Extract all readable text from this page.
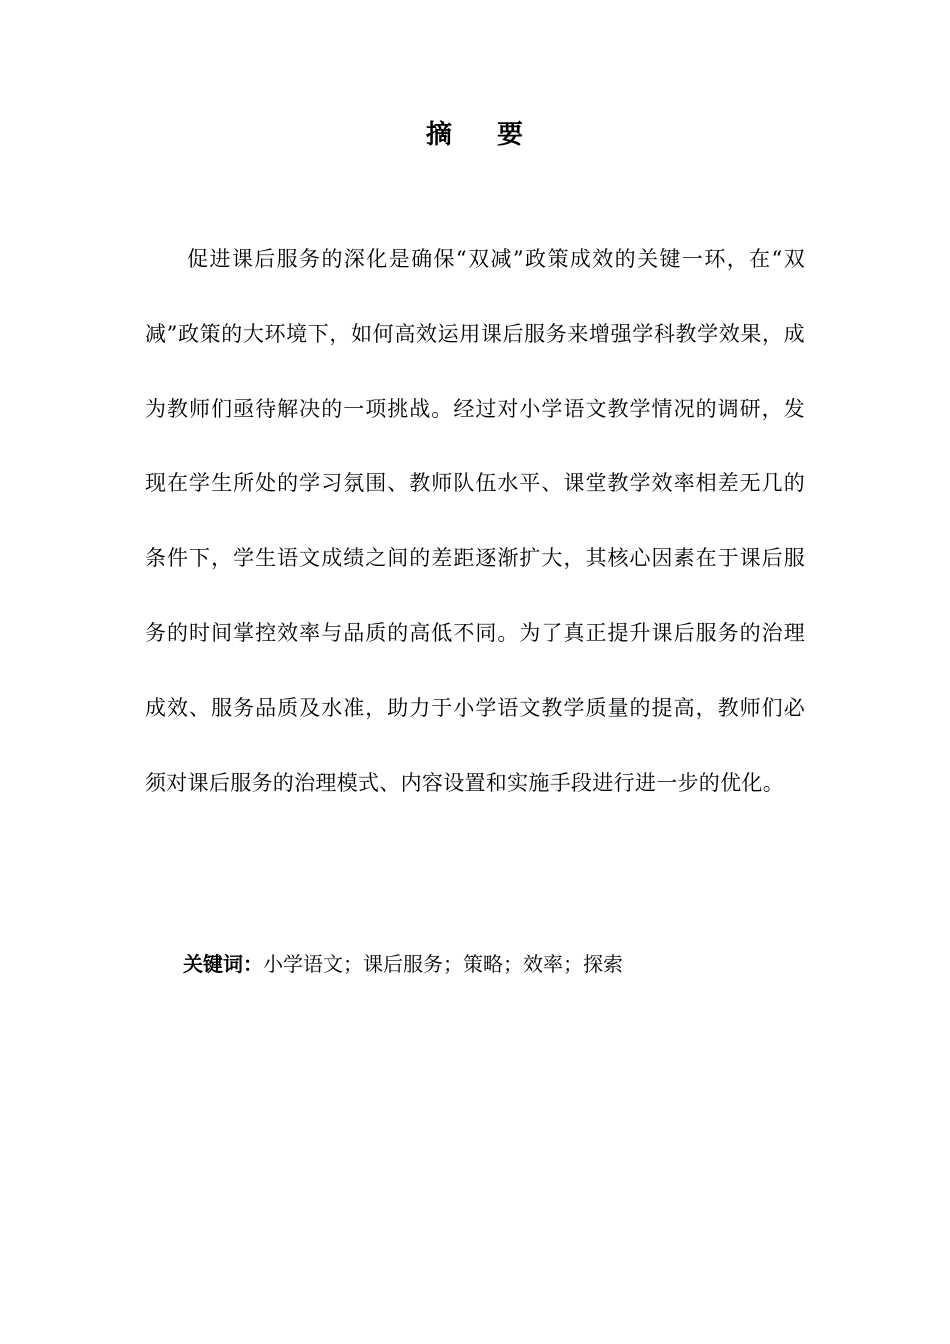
摘 要

促进课后服务的深化是确保“双减”政策成效的关键一环，在“双减”政策的大环境下，如何高效运用课后服务来增强学科教学效果，成为教师们亟待解决的一项挑战。经过对小学语文教学情况的调研，发现在学生所处的学习氛围、教师队伍水平、课堂教学效率相差无几的条件下，学生语文成绩之间的差距逐渐扩大，其核心因素在于课后服务的时间掌控效率与品质的高低不同。为了真正提升课后服务的治理成效、服务品质及水准，助力于小学语文教学质量的提高，教师们必须对课后服务的治理模式、内容设置和实施手段进行进一步的优化。

关键词：小学语文；课后服务；策略；效率；探索
